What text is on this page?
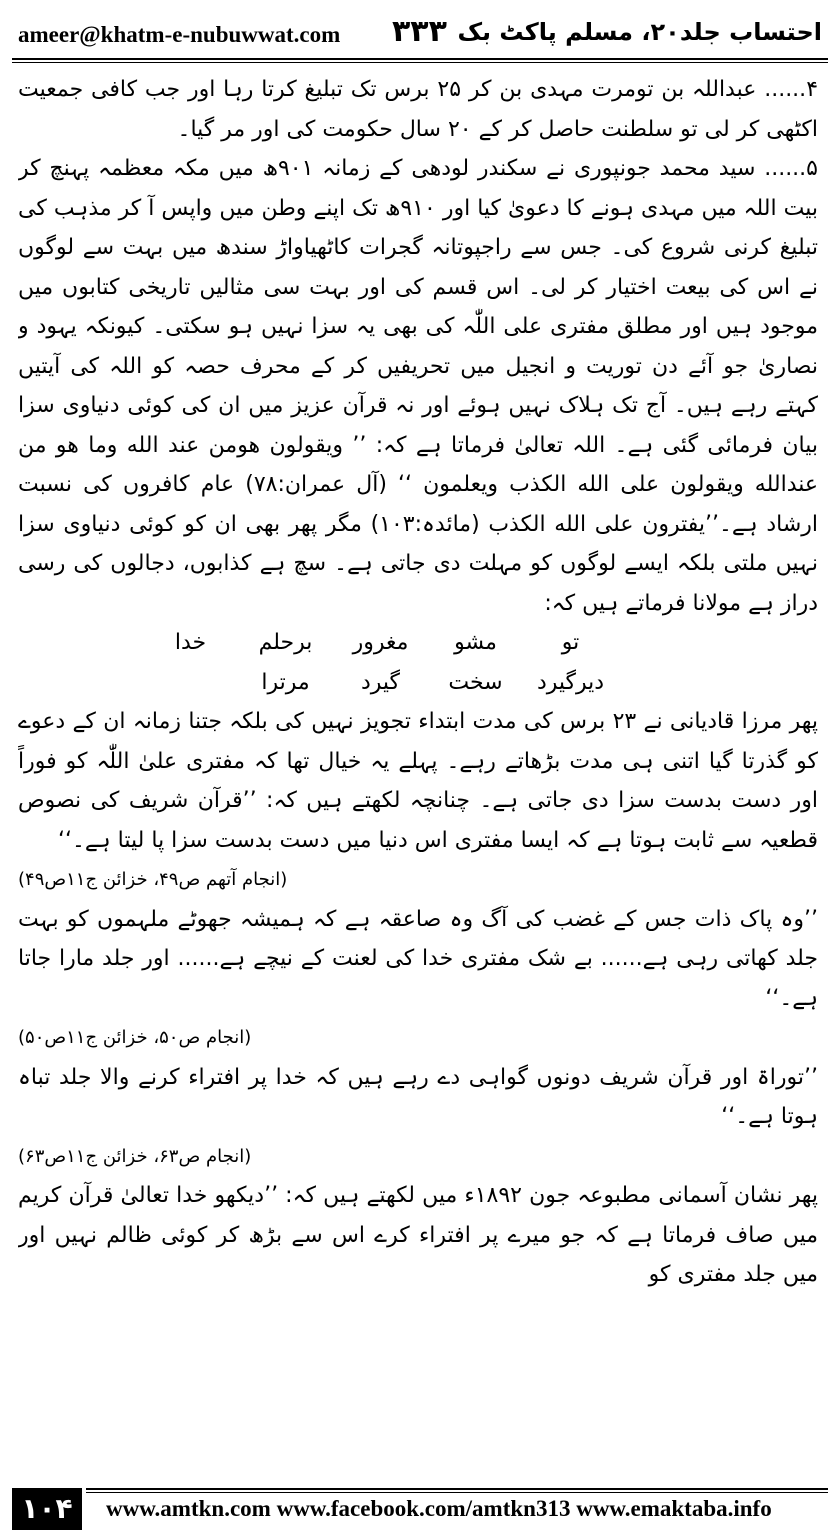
ameer@khatm-e-nubuwwat.com ۳۳۳ احتساب جلد۲۰، مسلم پاکٹ بک

۴...... عبداللہ بن تومرت مہدی بن کر ۲۵ برس تک تبلیغ کرتا رہا اور جب کافی جمعیت اکٹھی کر لی تو سلطنت حاصل کر کے ۲۰ سال حکومت کی اور مر گیا۔

۵...... سید محمد جونپوری نے سکندر لودھی کے زمانہ ۹۰۱ھ میں مکہ معظمہ پہنچ کر بیت اللہ میں مہدی ہونے کا دعویٰ کیا اور ۹۱۰ھ تک اپنے وطن میں واپس آ کر مذہب کی تبلیغ کرنی شروع کی۔ جس سے راجپوتانہ گجرات کاٹھیاواڑ سندھ میں بہت سے لوگوں نے اس کی بیعت اختیار کر لی۔ اس قسم کی اور بہت سی مثالیں تاریخی کتابوں میں موجود ہیں اور مطلق مفتری علی اللّٰہ کی بھی یہ سزا نہیں ہو سکتی۔ کیونکہ یہود و نصاریٰ جو آئے دن توریت و انجیل میں تحریفیں کر کے محرف حصہ کو اللہ کی آیتیں کہتے رہے ہیں۔ آج تک ہلاک نہیں ہوئے اور نہ قرآن عزیز میں ان کی کوئی دنیاوی سزا بیان فرمائی گئی ہے۔ اللہ تعالیٰ فرماتا ہے کہ: ’’ ویقولون هومن عند الله وما هو من عندالله ويقولون على الله الكذب ويعلمون ‘‘ (آل عمران:۷۸) عام کافروں کی نسبت ارشاد ہے۔’’یفترون على الله الكذب (مائدہ:۱۰۳) مگر پھر بھی ان کو کوئی دنیاوی سزا نہیں ملتی بلکہ ایسے لوگوں کو مہلت دی جاتی ہے۔ سچ ہے کذابوں، دجالوں کی رسی دراز ہے مولانا فرماتے ہیں کہ:

تو
مشو
مغرور
برحلم
خدا
دیرگیرد
سخت
گیرد
مرترا

پھر مرزا قادیانی نے ۲۳ برس کی مدت ابتداء تجویز نہیں کی بلکہ جتنا زمانہ ان کے دعوے کو گذرتا گیا اتنی ہی مدت بڑھاتے رہے۔ پہلے یہ خیال تھا کہ مفتری علیٰ اللّٰہ کو فوراً اور دست بدست سزا دی جاتی ہے۔ چنانچہ لکھتے ہیں کہ: ’’قرآن شریف کی نصوص قطعیہ سے ثابت ہوتا ہے کہ ایسا مفتری اس دنیا میں دست بدست سزا پا لیتا ہے۔‘‘

(انجام آتھم ص۴۹، خزائن ج۱۱ص۴۹)

’’وہ پاک ذات جس کے غضب کی آگ وہ صاعقہ ہے کہ ہمیشہ جھوٹے ملہموں کو بہت جلد کھاتی رہی ہے...... بے شک مفتری خدا کی لعنت کے نیچے ہے...... اور جلد مارا جاتا ہے۔‘‘

(انجام ص۵۰، خزائن ج۱۱ص۵۰)

’’توراۃ اور قرآن شریف دونوں گواہی دے رہے ہیں کہ خدا پر افتراء کرنے والا جلد تباہ ہوتا ہے۔‘‘

(انجام ص۶۳، خزائن ج۱۱ص۶۳)

پھر نشان آسمانی مطبوعہ جون ۱۸۹۲ء میں لکھتے ہیں کہ: ’’دیکھو خدا تعالیٰ قرآن کریم میں صاف فرماتا ہے کہ جو میرے پر افتراء کرے اس سے بڑھ کر کوئی ظالم نہیں اور میں جلد مفتری کو

۱۰۴	www.amtkn.com www.facebook.com/amtkn313 www.emaktaba.info
